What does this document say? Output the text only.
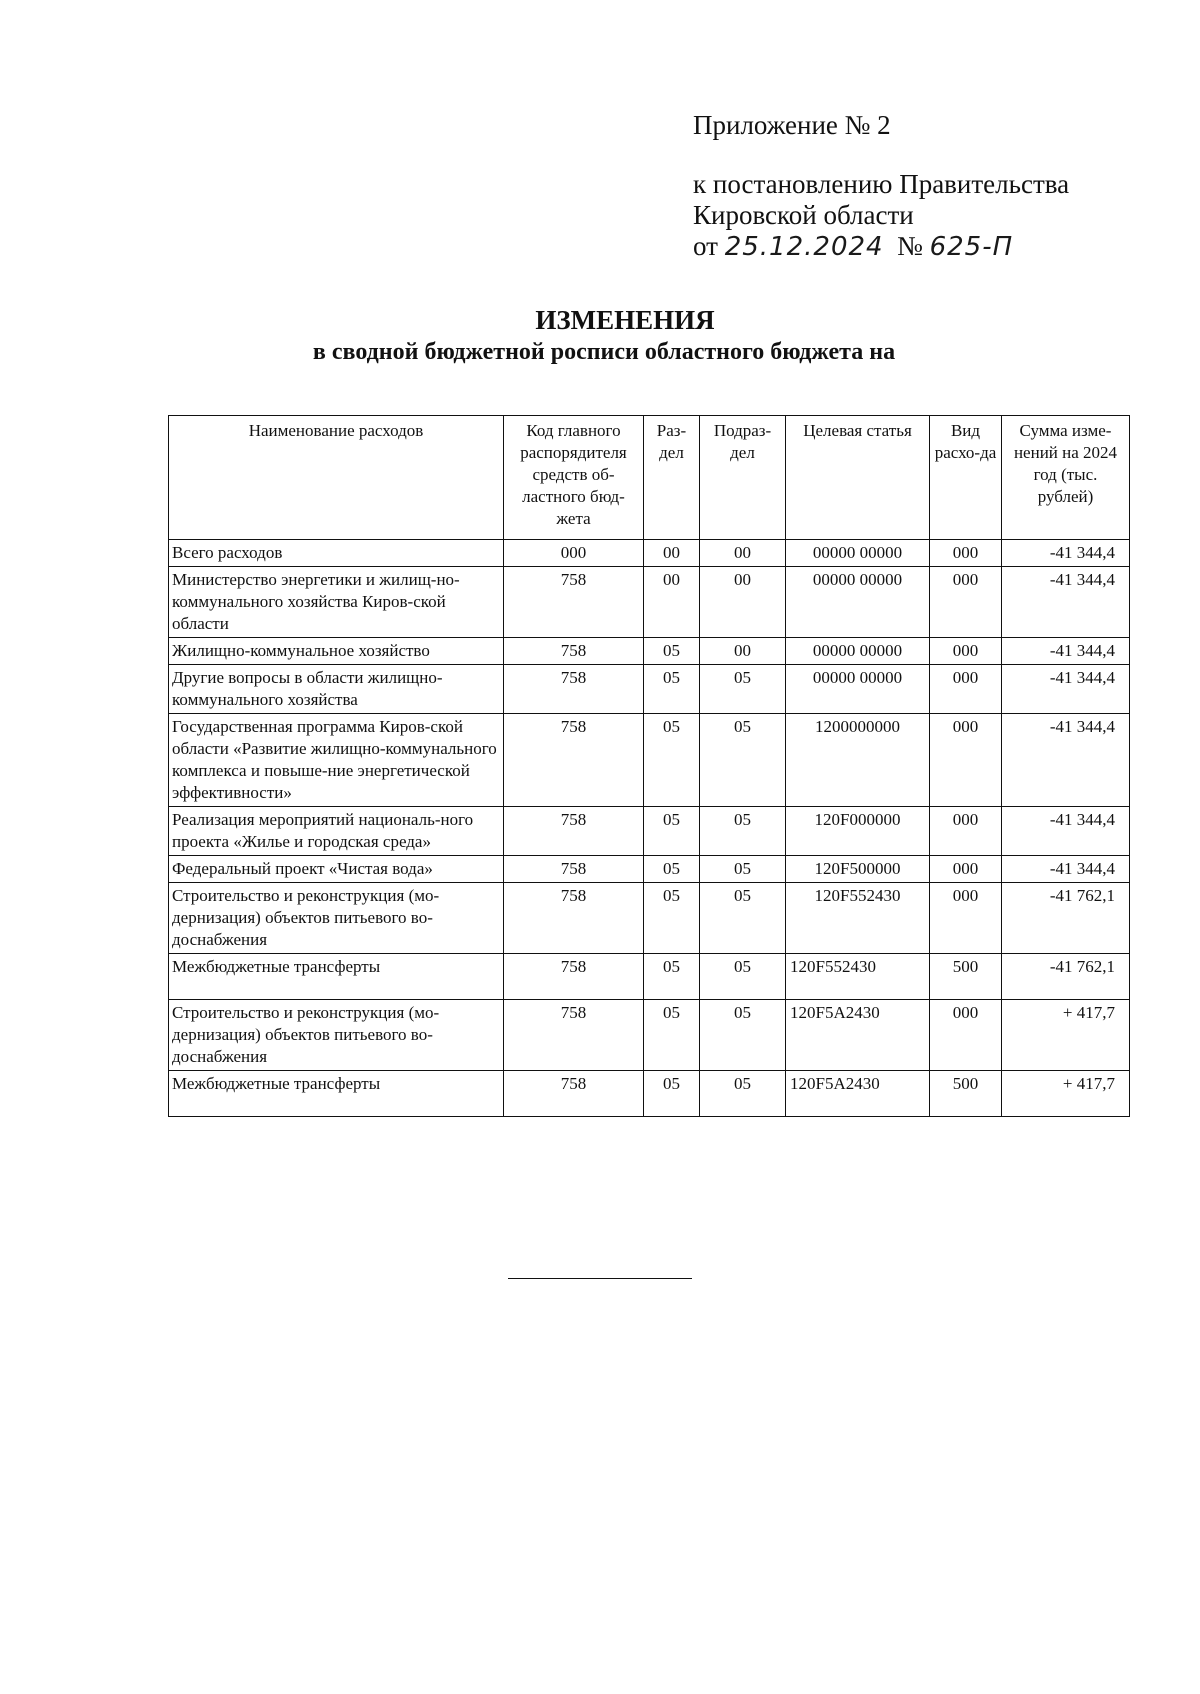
Приложение № 2
к постановлению Правительства
Кировской области
от 25.12.2024 № 625-П
ИЗМЕНЕНИЯ
в сводной бюджетной росписи областного бюджета на
Наименование расходов	Код главного распорядителя средств об-ластного бюд-жета	Раз-дел	Подраз-дел	Целевая статья	Вид расхо-да	Сумма изме-нений на 2024 год (тыс. рублей)
Всего расходов	000	00	00	00000 00000	000	-41 344,4
Министерство энергетики и жилищ-но-коммунального хозяйства Киров-ской области	758	00	00	00000 00000	000	-41 344,4
Жилищно-коммунальное хозяйство	758	05	00	00000 00000	000	-41 344,4
Другие вопросы в области жилищно-коммунального хозяйства	758	05	05	00000 00000	000	-41 344,4
Государственная программа Киров-ской области «Развитие жилищно-коммунального комплекса и повыше-ние энергетической эффективности»	758	05	05	1200000000	000	-41 344,4
Реализация мероприятий националь-ного проекта «Жилье и городская среда»	758	05	05	120F000000	000	-41 344,4
Федеральный проект «Чистая вода»	758	05	05	120F500000	000	-41 344,4
Строительство и реконструкция (мо-дернизация) объектов питьевого во-доснабжения	758	05	05	120F552430	000	-41 762,1
Межбюджетные трансферты	758	05	05	120F552430	500	-41 762,1
Строительство и реконструкция (мо-дернизация) объектов питьевого во-доснабжения	758	05	05	120F5A2430	000	+ 417,7
Межбюджетные трансферты	758	05	05	120F5A2430	500	+ 417,7
